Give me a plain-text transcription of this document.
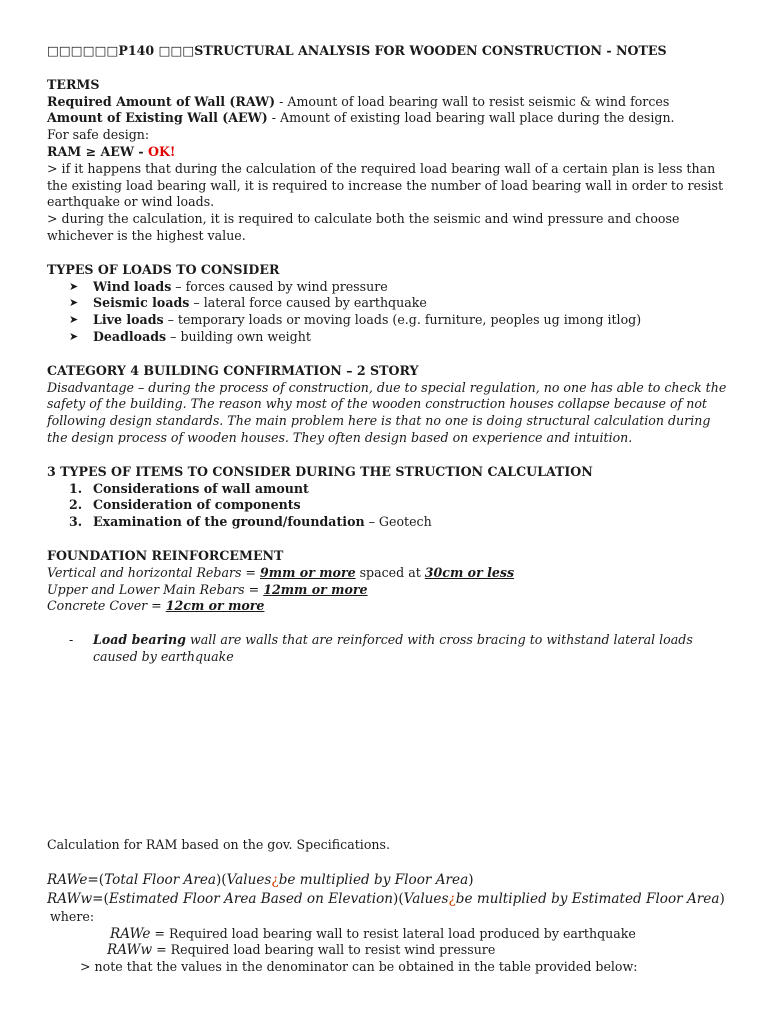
□□□□□□P140 □□□STRUCTURAL ANALYSIS FOR WOODEN CONSTRUCTION - NOTES
TERMS
Required Amount of Wall (RAW) - Amount of load bearing wall to resist seismic & wind forces
Amount of Existing Wall (AEW) - Amount of existing load bearing wall place during the design.
For safe design:
RAM ≥ AEW - OK!
> if it happens that during the calculation of the required load bearing wall of a certain plan is less than the existing load bearing wall, it is required to increase the number of load bearing wall in order to resist earthquake or wind loads.
> during the calculation, it is required to calculate both the seismic and wind pressure and choose whichever is the highest value.
TYPES OF LOADS TO CONSIDER
➤	Wind loads – forces caused by wind pressure
➤	Seismic loads – lateral force caused by earthquake
➤	Live loads – temporary loads or moving loads (e.g. furniture, peoples ug imong itlog)
➤	Deadloads – building own weight
CATEGORY 4 BUILDING CONFIRMATION – 2 STORY
Disadvantage – during the process of construction, due to special regulation, no one has able to check the safety of the building. The reason why most of the wooden construction houses collapse because of not following design standards. The main problem here is that no one is doing structural calculation during the design process of wooden houses. They often design based on experience and intuition.
3 TYPES OF ITEMS TO CONSIDER DURING THE STRUCTION CALCULATION
1. Considerations of wall amount
2. Consideration of components
3. Examination of the ground/foundation – Geotech
FOUNDATION REINFORCEMENT
Vertical and horizontal Rebars = 9mm or more spaced at 30cm or less
Upper and Lower Main Rebars = 12mm or more
Concrete Cover = 12cm or more
-	Load bearing wall are walls that are reinforced with cross bracing to withstand lateral loads caused by earthquake
Calculation for RAM based on the gov. Specifications.
RAWe=(Total Floor Area)(Values¿be multiplied by Floor Area)
RAWw=(Estimated Floor Area Based on Elevation)(Values¿be multiplied by Estimated Floor Area)
where:
RAWe = Required load bearing wall to resist lateral load produced by earthquake
RAWw = Required load bearing wall to resist wind pressure
> note that the values in the denominator can be obtained in the table provided below:
